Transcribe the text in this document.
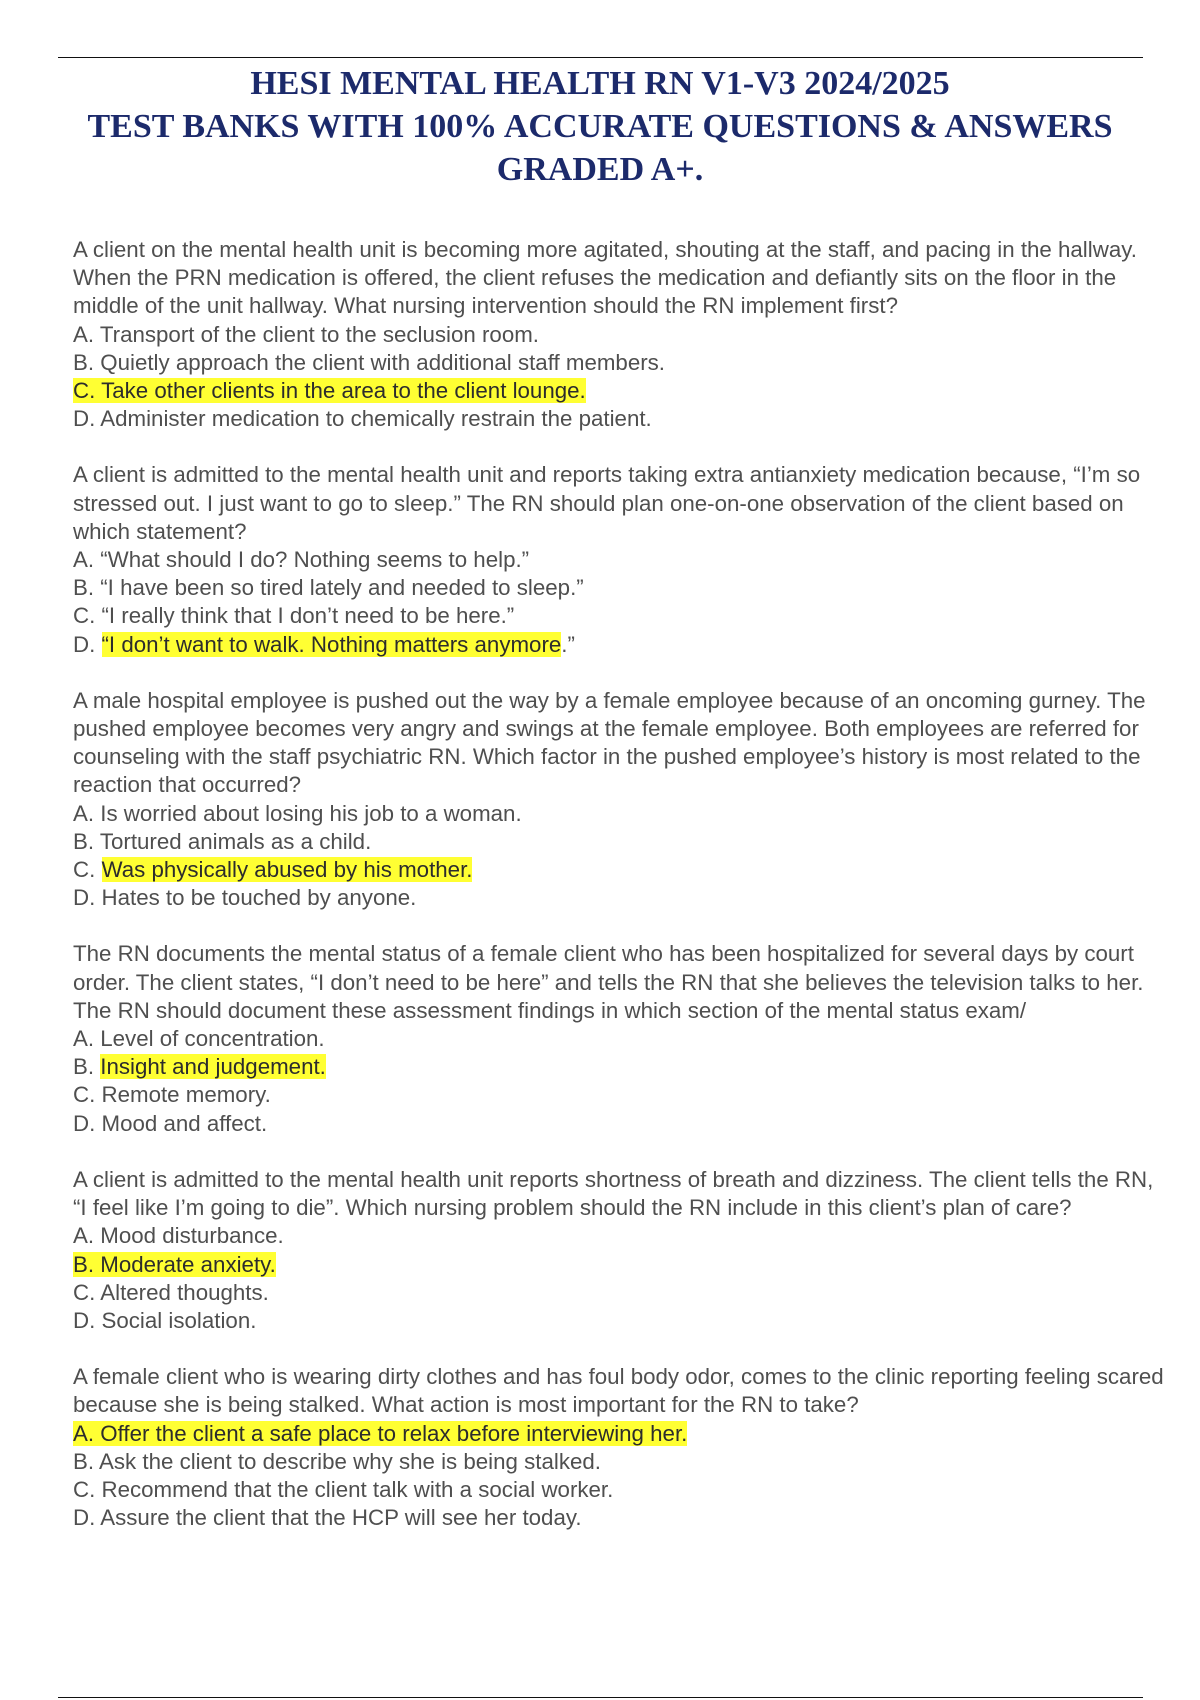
HESI MENTAL HEALTH RN V1-V3 2024/2025
TEST BANKS WITH 100% ACCURATE QUESTIONS & ANSWERS
GRADED A+.
A client on the mental health unit is becoming more agitated, shouting at the staff, and pacing in the hallway. When the PRN medication is offered, the client refuses the medication and defiantly sits on the floor in the middle of the unit hallway. What nursing intervention should the RN implement first?
A. Transport of the client to the seclusion room.
B. Quietly approach the client with additional staff members.
C. Take other clients in the area to the client lounge.
D. Administer medication to chemically restrain the patient.
A client is admitted to the mental health unit and reports taking extra antianxiety medication because, “I’m so stressed out. I just want to go to sleep.” The RN should plan one-on-one observation of the client based on which statement?
A. “What should I do? Nothing seems to help.”
B. “I have been so tired lately and needed to sleep.”
C. “I really think that I don’t need to be here.”
D. “I don’t want to walk. Nothing matters anymore.”
A male hospital employee is pushed out the way by a female employee because of an oncoming gurney. The pushed employee becomes very angry and swings at the female employee. Both employees are referred for counseling with the staff psychiatric RN. Which factor in the pushed employee’s history is most related to the reaction that occurred?
A. Is worried about losing his job to a woman.
B. Tortured animals as a child.
C. Was physically abused by his mother.
D. Hates to be touched by anyone.
The RN documents the mental status of a female client who has been hospitalized for several days by court order. The client states, “I don’t need to be here” and tells the RN that she believes the television talks to her. The RN should document these assessment findings in which section of the mental status exam/
A. Level of concentration.
B. Insight and judgement.
C. Remote memory.
D. Mood and affect.
A client is admitted to the mental health unit reports shortness of breath and dizziness. The client tells the RN, “I feel like I’m going to die”. Which nursing problem should the RN include in this client’s plan of care?
A. Mood disturbance.
B. Moderate anxiety.
C. Altered thoughts.
D. Social isolation.
A female client who is wearing dirty clothes and has foul body odor, comes to the clinic reporting feeling scared because she is being stalked. What action is most important for the RN to take?
A. Offer the client a safe place to relax before interviewing her.
B. Ask the client to describe why she is being stalked.
C. Recommend that the client talk with a social worker.
D. Assure the client that the HCP will see her today.
